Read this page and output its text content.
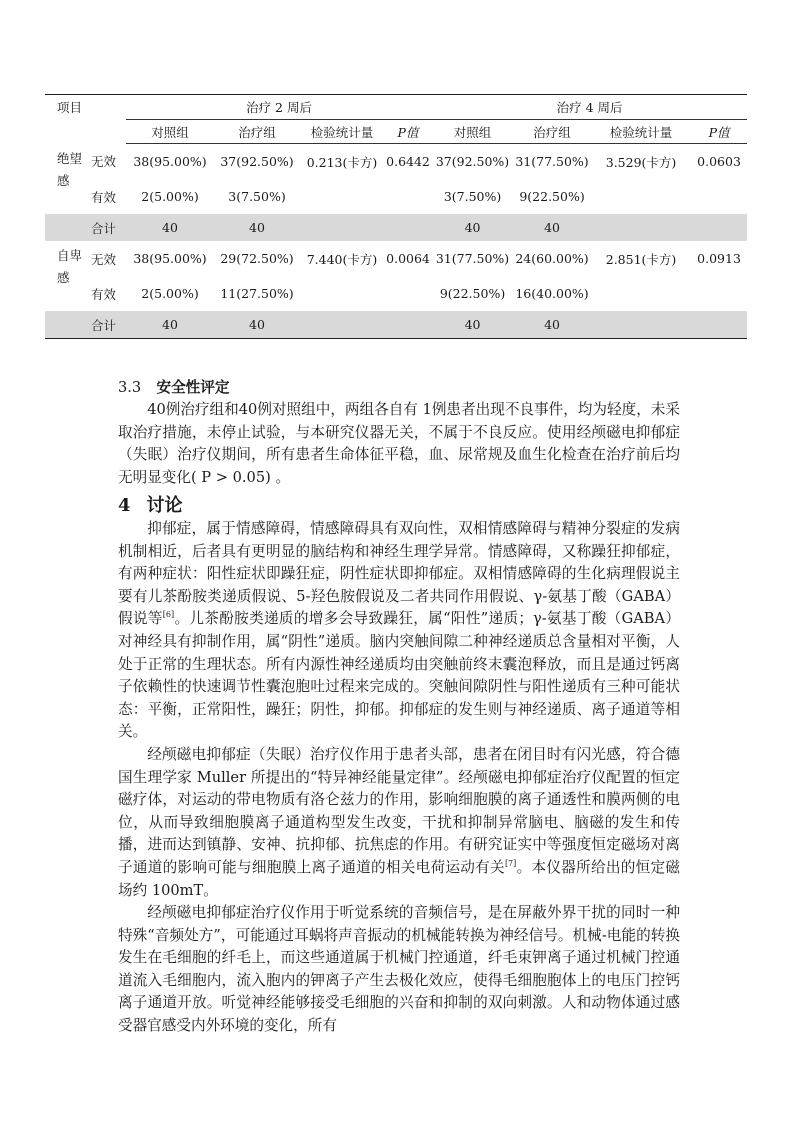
项目		治疗 2 周后				治疗 4 周后			
		对照组	治疗组	检验统计量	P值	对照组	治疗组	检验统计量	P值
绝望感	无效	38(95.00%)	37(92.50%)	0.213(卡方)	0.6442	37(92.50%)	31(77.50%)	3.529(卡方)	0.0603
	有效	2(5.00%)	3(7.50%)			3(7.50%)	9(22.50%)		
	合计	40	40			40	40		
自卑感	无效	38(95.00%)	29(72.50%)	7.440(卡方)	0.0064	31(77.50%)	24(60.00%)	2.851(卡方)	0.0913
	有效	2(5.00%)	11(27.50%)			9(22.50%)	16(40.00%)		
	合计	40	40			40	40		
3.3 安全性评定

40例治疗组和40例对照组中，两组各自有 1例患者出现不良事件，均为轻度，未采取治疗措施，未停止试验，与本研究仪器无关，不属于不良反应。使用经颅磁电抑郁症（失眠）治疗仪期间，所有患者生命体征平稳，血、尿常规及血生化检查在治疗前后均无明显变化( P > 0.05) 。

4 讨论

抑郁症，属于情感障碍，情感障碍具有双向性，双相情感障碍与精神分裂症的发病机制相近，后者具有更明显的脑结构和神经生理学异常。情感障碍，又称躁狂抑郁症，有两种症状：阳性症状即躁狂症，阴性症状即抑郁症。双相情感障碍的生化病理假说主要有儿茶酚胺类递质假说、5-羟色胺假说及二者共同作用假说、γ-氨基丁酸（GABA）假说等[6]。儿茶酚胺类递质的增多会导致躁狂，属“阳性”递质；γ-氨基丁酸（GABA）对神经具有抑制作用，属“阴性”递质。脑内突触间隙二种神经递质总含量相对平衡，人处于正常的生理状态。所有内源性神经递质均由突触前终末囊泡释放，而且是通过钙离子依赖性的快速调节性囊泡胞吐过程来完成的。突触间隙阴性与阳性递质有三种可能状态：平衡，正常阳性，躁狂；阴性，抑郁。抑郁症的发生则与神经递质、离子通道等相关。

经颅磁电抑郁症（失眠）治疗仪作用于患者头部，患者在闭目时有闪光感，符合德国生理学家 Muller 所提出的“特异神经能量定律”。经颅磁电抑郁症治疗仪配置的恒定磁疗体，对运动的带电物质有洛仑兹力的作用，影响细胞膜的离子通透性和膜两侧的电位，从而导致细胞膜离子通道构型发生改变，干扰和抑制异常脑电、脑磁的发生和传播，进而达到镇静、安神、抗抑郁、抗焦虑的作用。有研究证实中等强度恒定磁场对离子通道的影响可能与细胞膜上离子通道的相关电荷运动有关[7]。本仪器所给出的恒定磁场约 100mT。

经颅磁电抑郁症治疗仪作用于听觉系统的音频信号，是在屏蔽外界干扰的同时一种特殊“音频处方”，可能通过耳蜗将声音振动的机械能转换为神经信号。机械-电能的转换发生在毛细胞的纤毛上，而这些通道属于机械门控通道，纤毛束钾离子通过机械门控通道流入毛细胞内，流入胞内的钾离子产生去极化效应，使得毛细胞胞体上的电压门控钙离子通道开放。听觉神经能够接受毛细胞的兴奋和抑制的双向刺激。人和动物体通过感受器官感受内外环境的变化，所有
